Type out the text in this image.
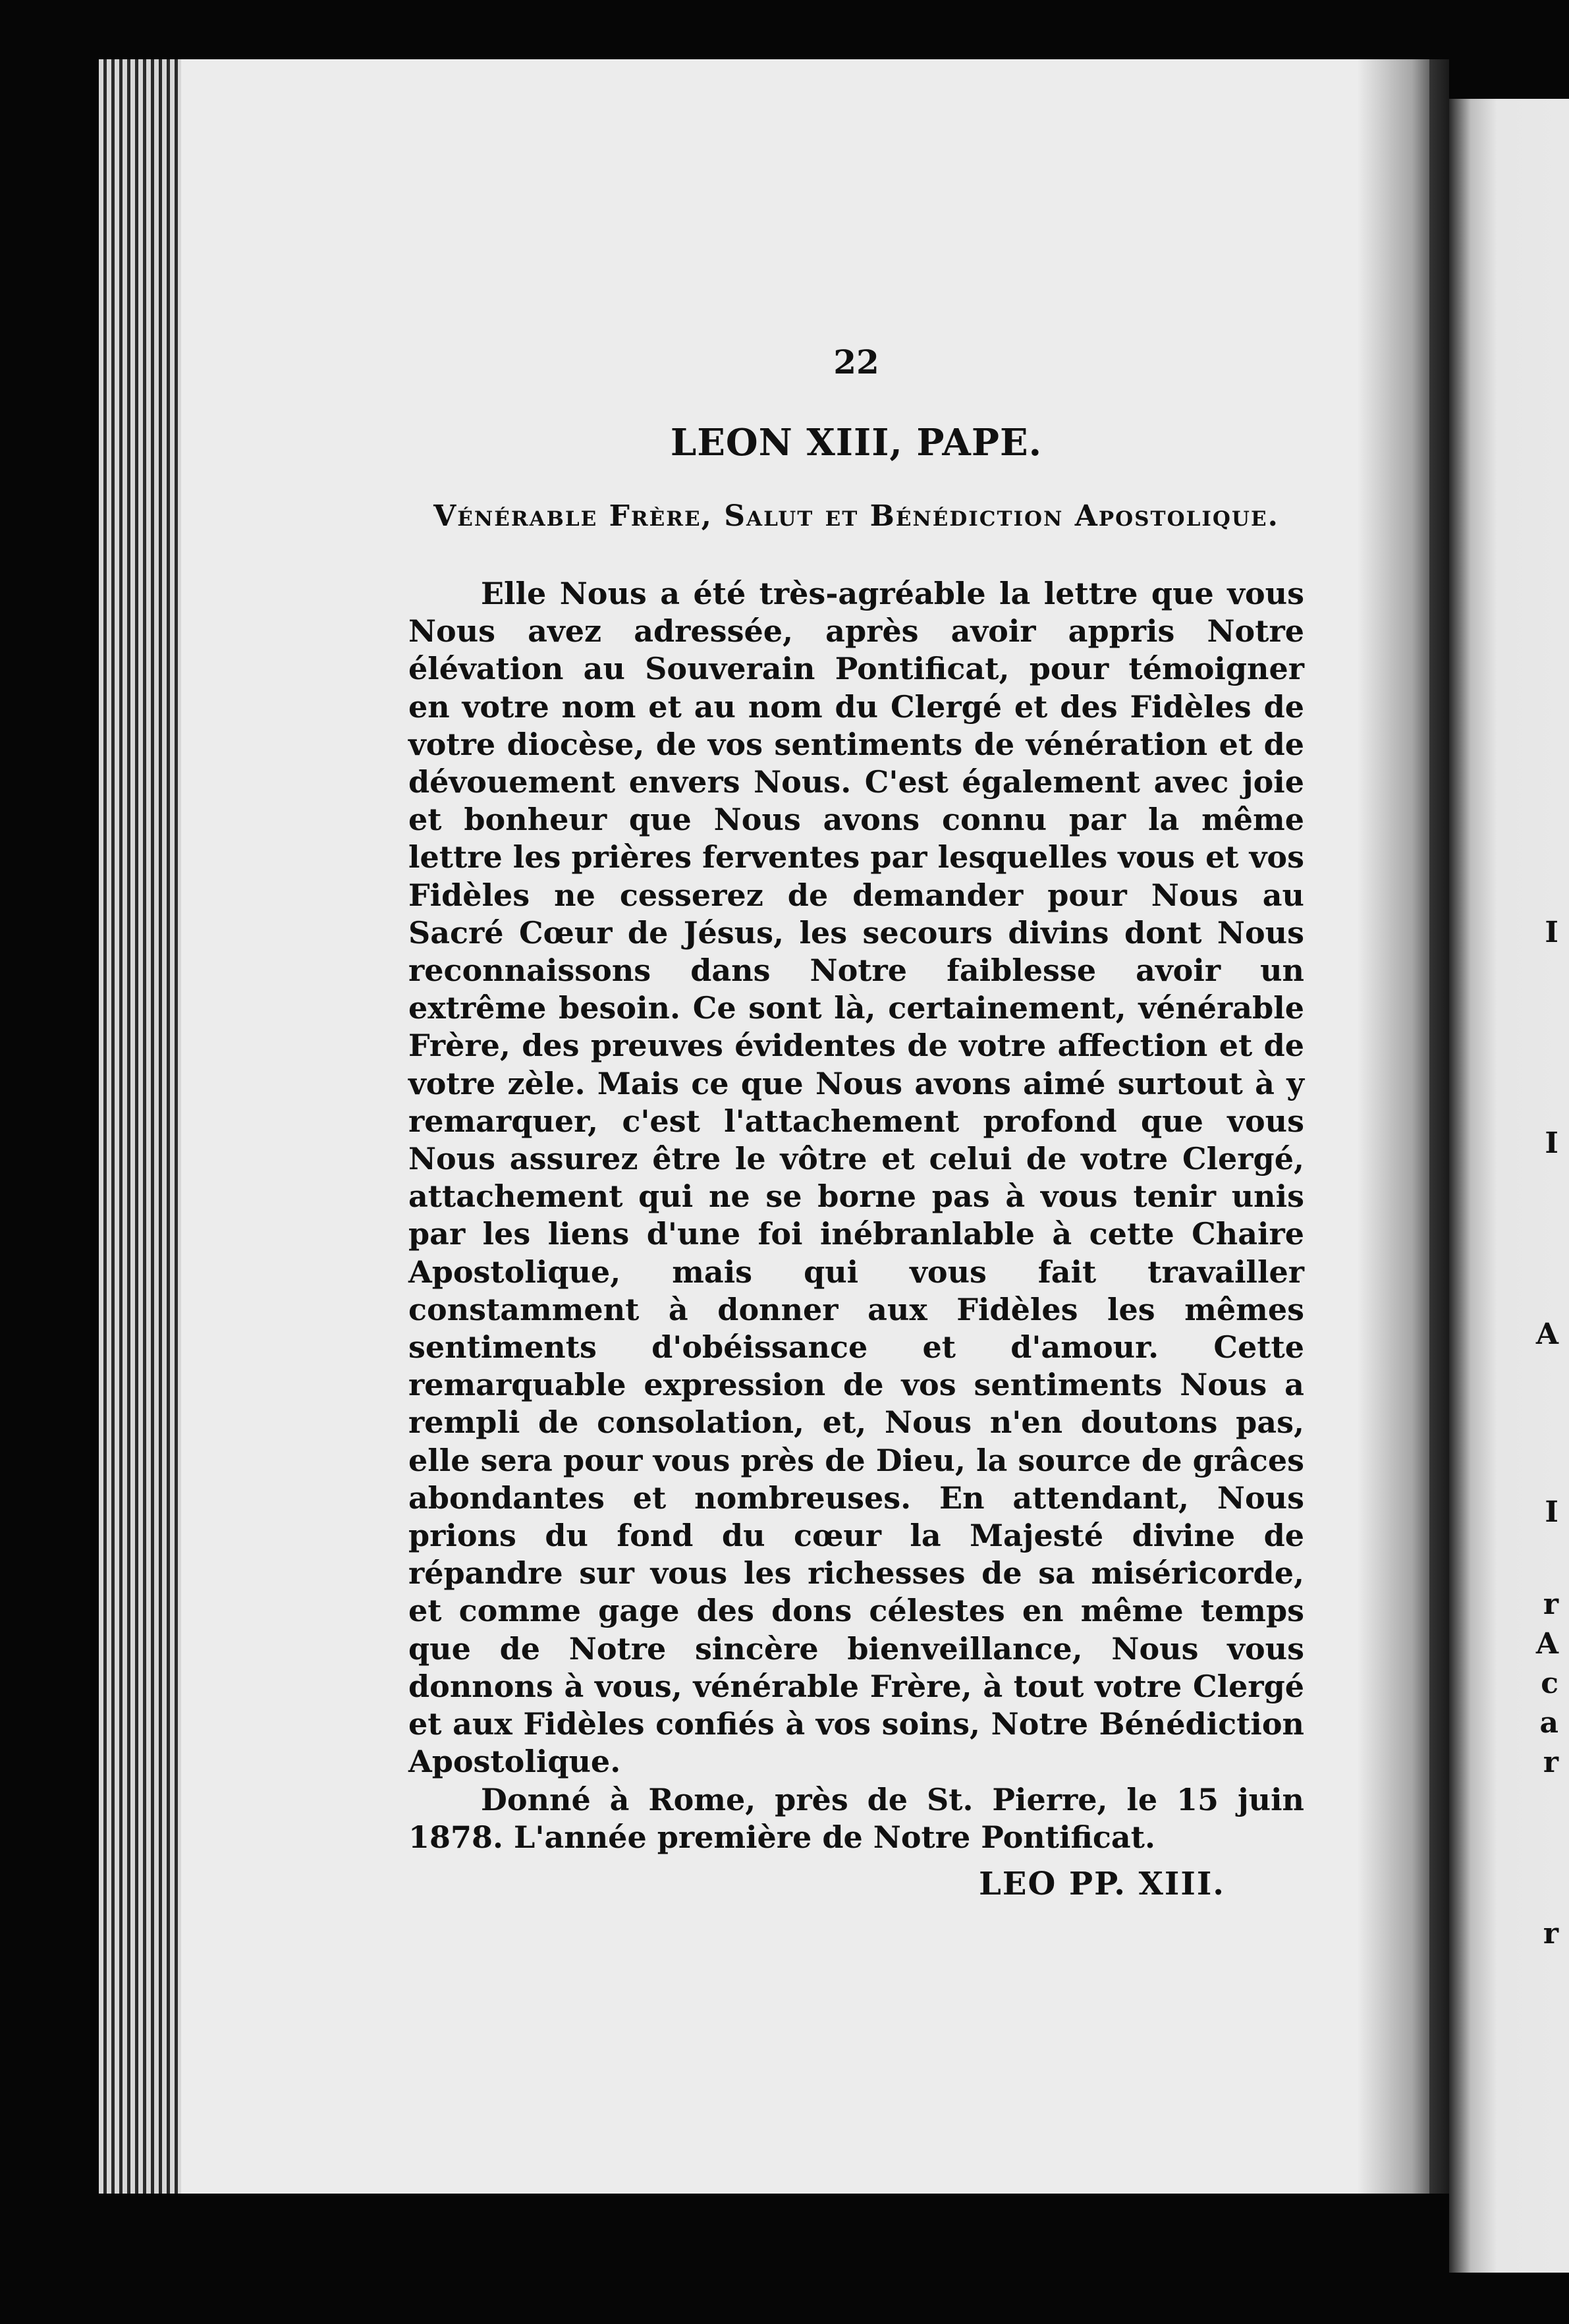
I
I
A
I
r
A
c
a
r
r
22
LEON XIII, PAPE.
Vénérable Frère, Salut et Bénédiction Apostolique.

Elle Nous a été très-agréable la lettre que vous Nous avez adressée, après avoir appris Notre élévation au Souverain Pontificat, pour témoigner en votre nom et au nom du Clergé et des Fidèles de votre diocèse, de vos sentiments de vénération et de dévouement envers Nous. C'est également avec joie et bonheur que Nous avons connu par la même lettre les prières ferventes par lesquelles vous et vos Fidèles ne cesserez de demander pour Nous au Sacré Cœur de Jésus, les secours divins dont Nous reconnaissons dans Notre faiblesse avoir un extrême besoin. Ce sont là, certainement, vénérable Frère, des preuves évidentes de votre affection et de votre zèle. Mais ce que Nous avons aimé surtout à y remarquer, c'est l'attachement profond que vous Nous assurez être le vôtre et celui de votre Clergé, attachement qui ne se borne pas à vous tenir unis par les liens d'une foi inébranlable à cette Chaire Apostolique, mais qui vous fait travailler constamment à donner aux Fidèles les mêmes sentiments d'obéissance et d'amour. Cette remarquable expression de vos sentiments Nous a rempli de consolation, et, Nous n'en doutons pas, elle sera pour vous près de Dieu, la source de grâces abondantes et nombreuses. En attendant, Nous prions du fond du cœur la Majesté divine de répandre sur vous les richesses de sa miséricorde, et comme gage des dons célestes en même temps que de Notre sincère bienveillance, Nous vous donnons à vous, vénérable Frère, à tout votre Clergé et aux Fidèles confiés à vos soins, Notre Bénédiction Apostolique.

Donné à Rome, près de St. Pierre, le 15 juin 1878. L'année première de Notre Pontificat.

LEO PP. XIII.
